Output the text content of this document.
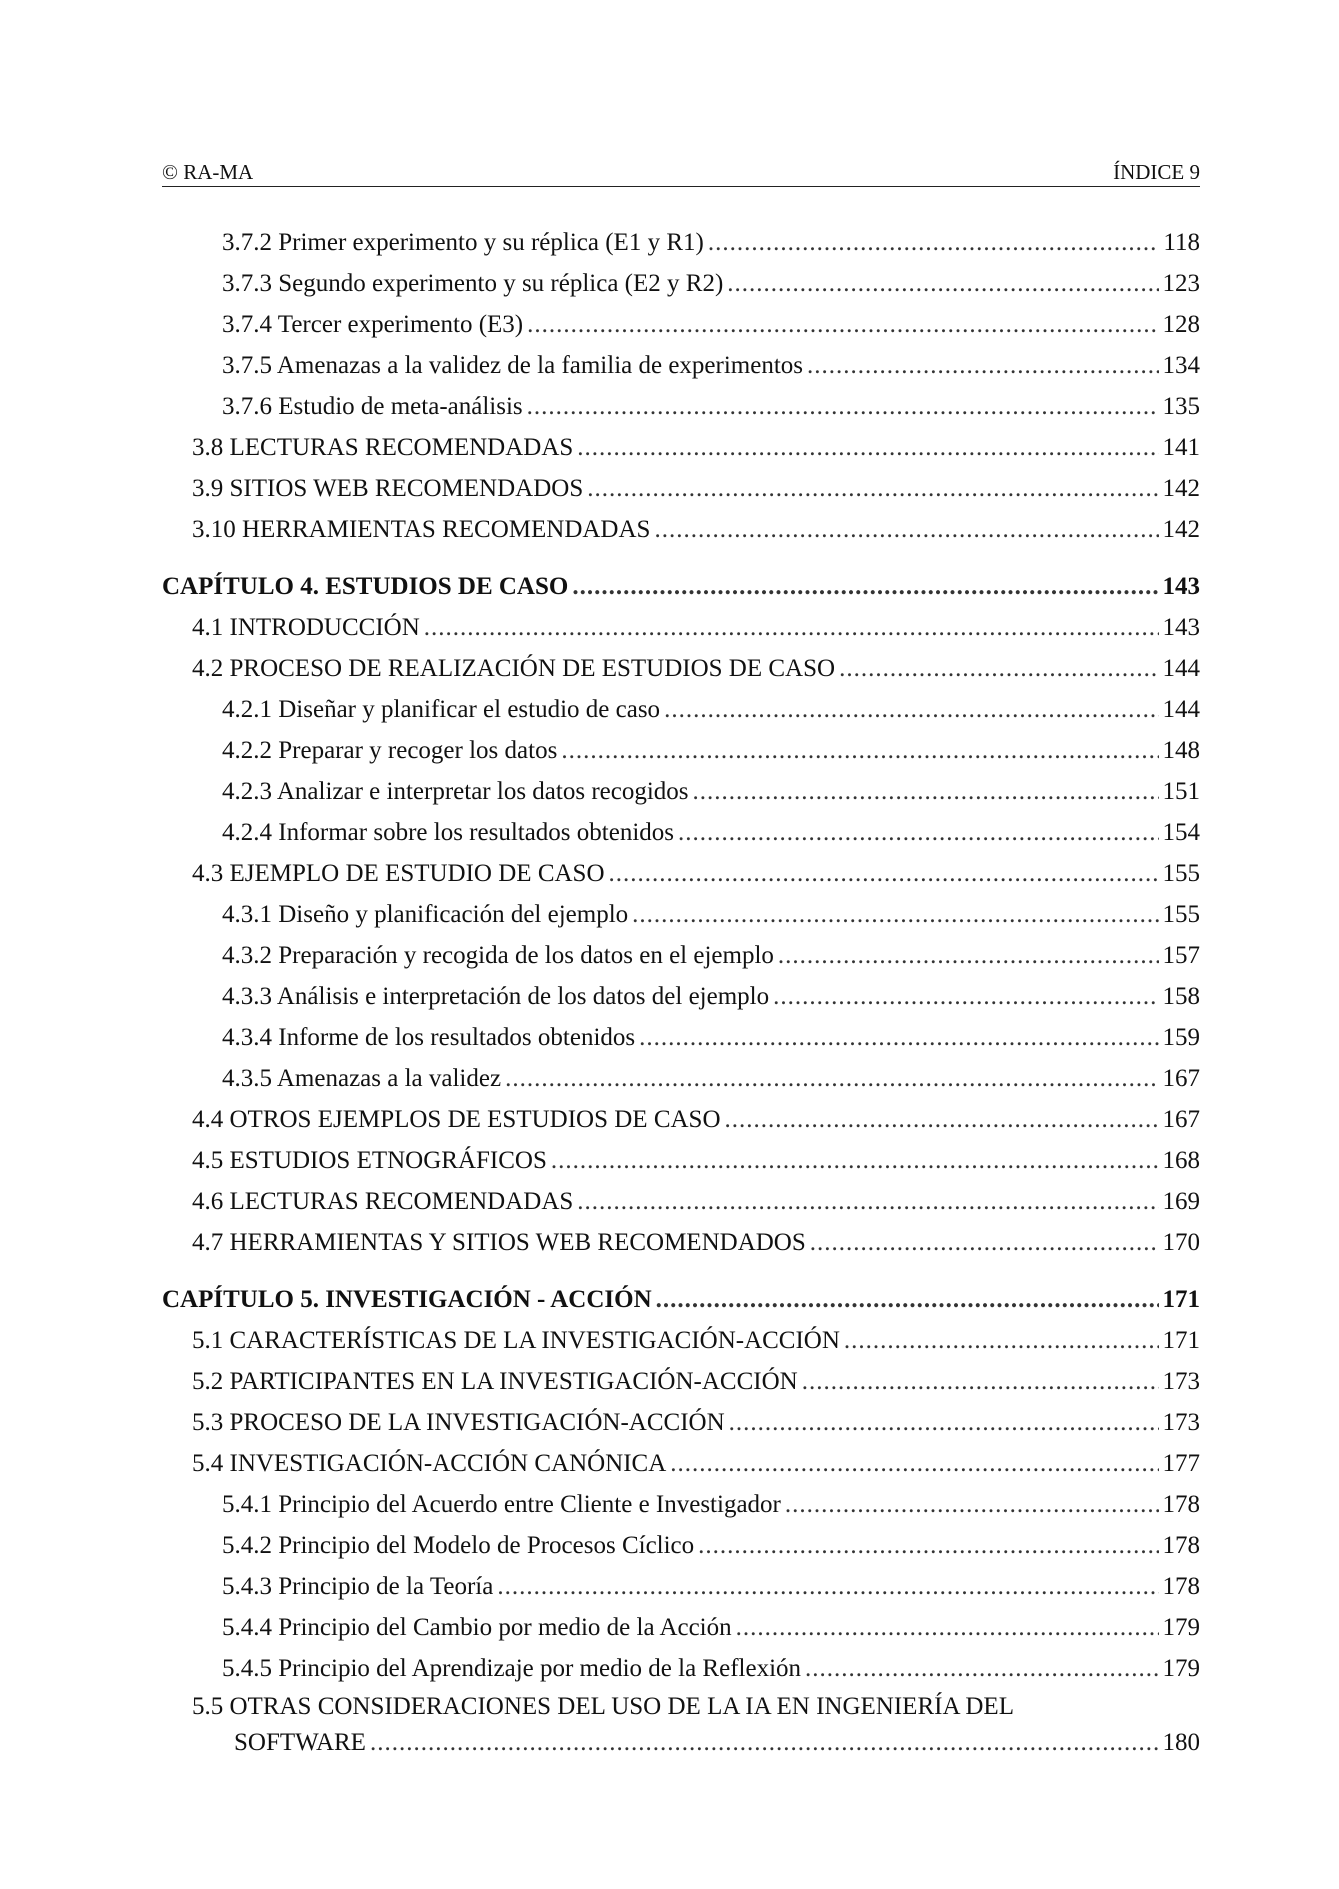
© RA-MA	ÍNDICE 9
3.7.2 Primer experimento y su réplica (E1 y R1) .....	118
3.7.3 Segundo experimento y su réplica (E2 y R2) .....	123
3.7.4 Tercer experimento (E3) .....	128
3.7.5 Amenazas a la validez de la familia de experimentos .....	134
3.7.6 Estudio de meta-análisis .....	135
3.8 LECTURAS RECOMENDADAS .....	141
3.9 SITIOS WEB RECOMENDADOS .....	142
3.10 HERRAMIENTAS RECOMENDADAS .....	142
CAPÍTULO 4. ESTUDIOS DE CASO .....	143
4.1 INTRODUCCIÓN .....	143
4.2 PROCESO DE REALIZACIÓN DE ESTUDIOS DE CASO .....	144
4.2.1 Diseñar y planificar el estudio de caso .....	144
4.2.2 Preparar y recoger los datos .....	148
4.2.3 Analizar e interpretar los datos recogidos .....	151
4.2.4 Informar sobre los resultados obtenidos .....	154
4.3 EJEMPLO DE ESTUDIO DE CASO .....	155
4.3.1 Diseño y planificación del ejemplo .....	155
4.3.2 Preparación y recogida de los datos en el ejemplo .....	157
4.3.3 Análisis e interpretación de los datos del ejemplo .....	158
4.3.4 Informe de los resultados obtenidos .....	159
4.3.5 Amenazas a la validez .....	167
4.4 OTROS EJEMPLOS DE ESTUDIOS DE CASO .....	167
4.5 ESTUDIOS ETNOGRÁFICOS .....	168
4.6 LECTURAS RECOMENDADAS .....	169
4.7 HERRAMIENTAS Y SITIOS WEB RECOMENDADOS .....	170
CAPÍTULO 5. INVESTIGACIÓN - ACCIÓN .....	171
5.1 CARACTERÍSTICAS DE LA INVESTIGACIÓN-ACCIÓN .....	171
5.2 PARTICIPANTES EN LA INVESTIGACIÓN-ACCIÓN .....	173
5.3 PROCESO DE LA INVESTIGACIÓN-ACCIÓN .....	173
5.4 INVESTIGACIÓN-ACCIÓN CANÓNICA .....	177
5.4.1 Principio del Acuerdo entre Cliente e Investigador .....	178
5.4.2 Principio del Modelo de Procesos Cíclico .....	178
5.4.3 Principio de la Teoría .....	178
5.4.4 Principio del Cambio por medio de la Acción .....	179
5.4.5 Principio del Aprendizaje por medio de la Reflexión .....	179
5.5 OTRAS CONSIDERACIONES DEL USO DE LA IA EN INGENIERÍA DEL
SOFTWARE .....	180
